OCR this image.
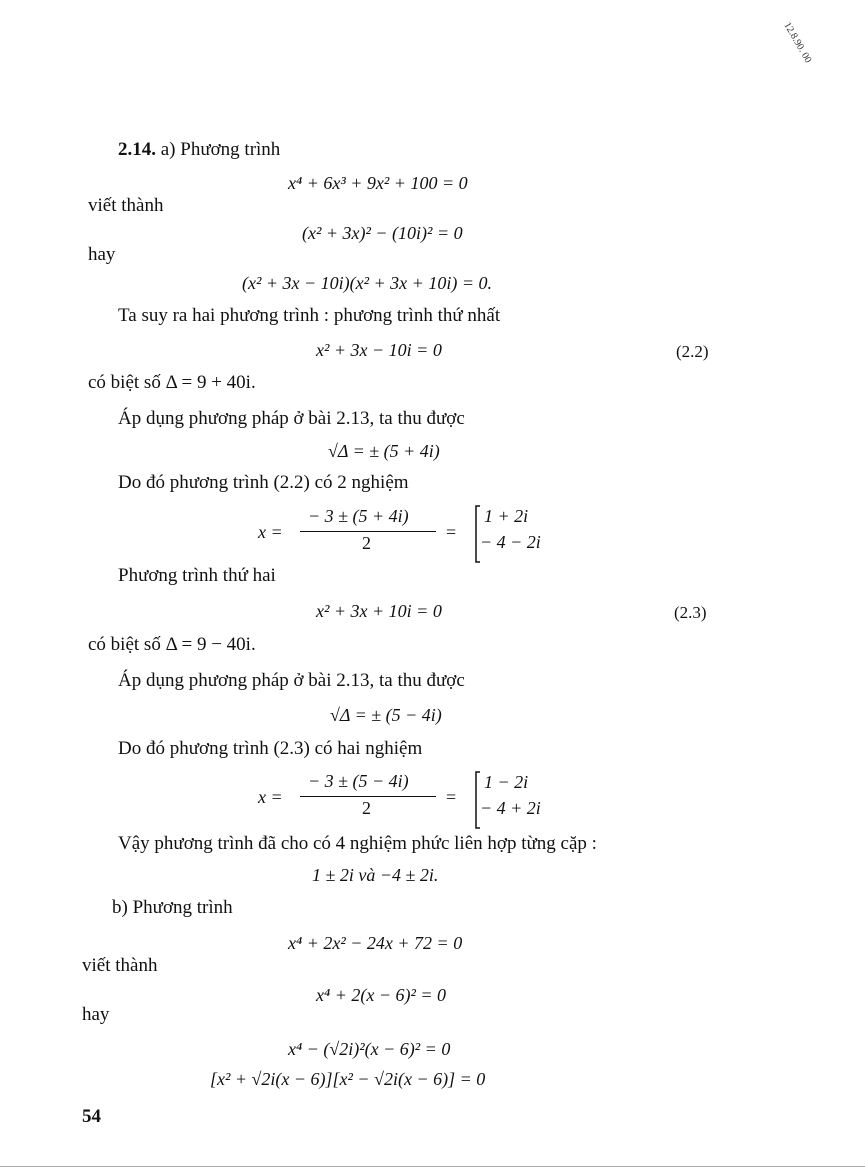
12.8.90. 00
2.14. a) Phương trình
x⁴ + 6x³ + 9x² + 100 = 0
viết thành
(x² + 3x)² − (10i)² = 0
hay
(x² + 3x − 10i)(x² + 3x + 10i) = 0.
Ta suy ra hai phương trình : phương trình thứ nhất
x² + 3x − 10i = 0	(2.2)
có biệt số Δ = 9 + 40i.
Áp dụng phương pháp ở bài 2.13, ta thu được
√Δ = ± (5 + 4i)
Do đó phương trình (2.2) có 2 nghiệm
x =
− 3 ± (5 + 4i)
2
=
1 + 2i
− 4 − 2i
Phương trình thứ hai
x² + 3x + 10i = 0	(2.3)
có biệt số Δ = 9 − 40i.
Áp dụng phương pháp ở bài 2.13, ta thu được
√Δ = ± (5 − 4i)
Do đó phương trình (2.3) có hai nghiệm
x =
− 3 ± (5 − 4i)
2
=
1 − 2i
− 4 + 2i
Vậy phương trình đã cho có 4 nghiệm phức liên hợp từng cặp :
1 ± 2i và −4 ± 2i.
b) Phương trình
x⁴ + 2x² − 24x + 72 = 0
viết thành
x⁴ + 2(x − 6)² = 0
hay
x⁴ − (√2i)²(x − 6)² = 0
[x² + √2i(x − 6)][x² − √2i(x − 6)] = 0
54
